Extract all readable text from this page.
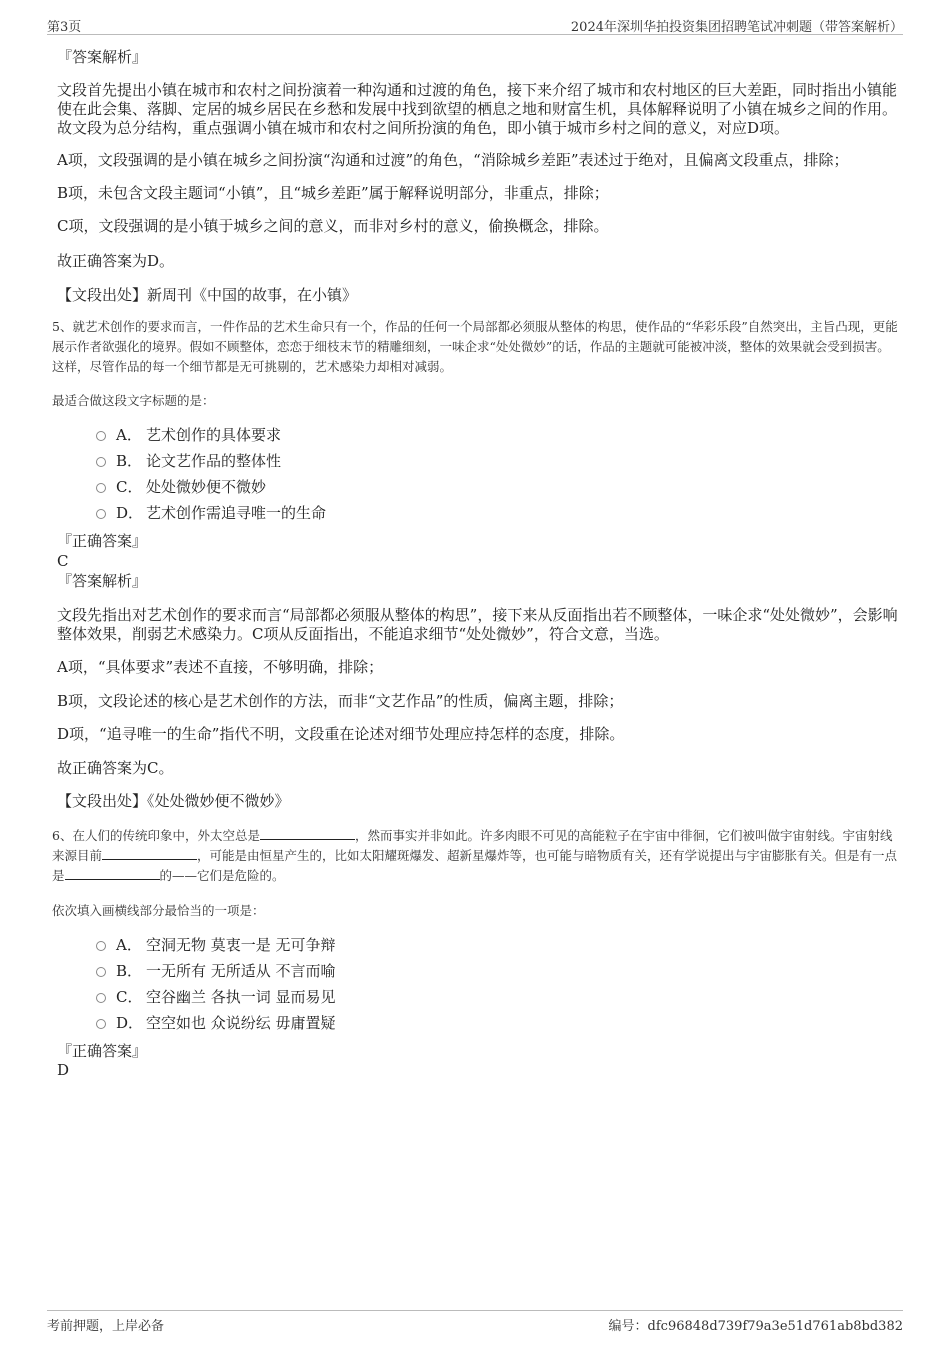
第3页	2024年深圳华拍投资集团招聘笔试冲刺题（带答案解析）
『答案解析』

文段首先提出小镇在城市和农村之间扮演着一种沟通和过渡的角色，接下来介绍了城市和农村地区的巨大差距，同时指出小镇能使在此会集、落脚、定居的城乡居民在乡愁和发展中找到欲望的栖息之地和财富生机，具体解释说明了小镇在城乡之间的作用。故文段为总分结构，重点强调小镇在城市和农村之间所扮演的角色，即小镇于城市乡村之间的意义，对应D项。

A项，文段强调的是小镇在城乡之间扮演“沟通和过渡”的角色，“消除城乡差距”表述过于绝对，且偏离文段重点，排除；

B项，未包含文段主题词“小镇”，且“城乡差距”属于解释说明部分，非重点，排除；

C项，文段强调的是小镇于城乡之间的意义，而非对乡村的意义，偷换概念，排除。

故正确答案为D。

【文段出处】新周刊《中国的故事，在小镇》

5、就艺术创作的要求而言，一件作品的艺术生命只有一个，作品的任何一个局部都必须服从整体的构思，使作品的“华彩乐段”自然突出，主旨凸现，更能展示作者欲强化的境界。假如不顾整体，恋恋于细枝末节的精雕细刻，一味企求“处处微妙”的话，作品的主题就可能被冲淡，整体的效果就会受到损害。这样，尽管作品的每一个细节都是无可挑剔的，艺术感染力却相对减弱。

最适合做这段文字标题的是：

A． 艺术创作的具体要求
B． 论文艺作品的整体性
C． 处处微妙便不微妙
D． 艺术创作需追寻唯一的生命
『正确答案』
C
『答案解析』

文段先指出对艺术创作的要求而言“局部都必须服从整体的构思”，接下来从反面指出若不顾整体，一味企求“处处微妙”，会影响整体效果，削弱艺术感染力。C项从反面指出，不能追求细节“处处微妙”，符合文意，当选。

A项，“具体要求”表述不直接，不够明确，排除；

B项，文段论述的核心是艺术创作的方法，而非“文艺作品”的性质，偏离主题，排除；

D项，“追寻唯一的生命”指代不明，文段重在论述对细节处理应持怎样的态度，排除。

故正确答案为C。

【文段出处】《处处微妙便不微妙》

6、在人们的传统印象中，外太空总是	，然而事实并非如此。许多肉眼不可见的高能粒子在宇宙中徘徊，它们被叫做宇宙射线。宇宙射线来源目前	，可能是由恒星产生的，比如太阳耀斑爆发、超新星爆炸等，也可能与暗物质有关，还有学说提出与宇宙膨胀有关。但是有一点是	的——它们是危险的。

依次填入画横线部分最恰当的一项是：

A． 空洞无物 莫衷一是 无可争辩
B． 一无所有 无所适从 不言而喻
C． 空谷幽兰 各执一词 显而易见
D． 空空如也 众说纷纭 毋庸置疑
『正确答案』
D
考前押题，上岸必备	编号：dfc96848d739f79a3e51d761ab8bd382
